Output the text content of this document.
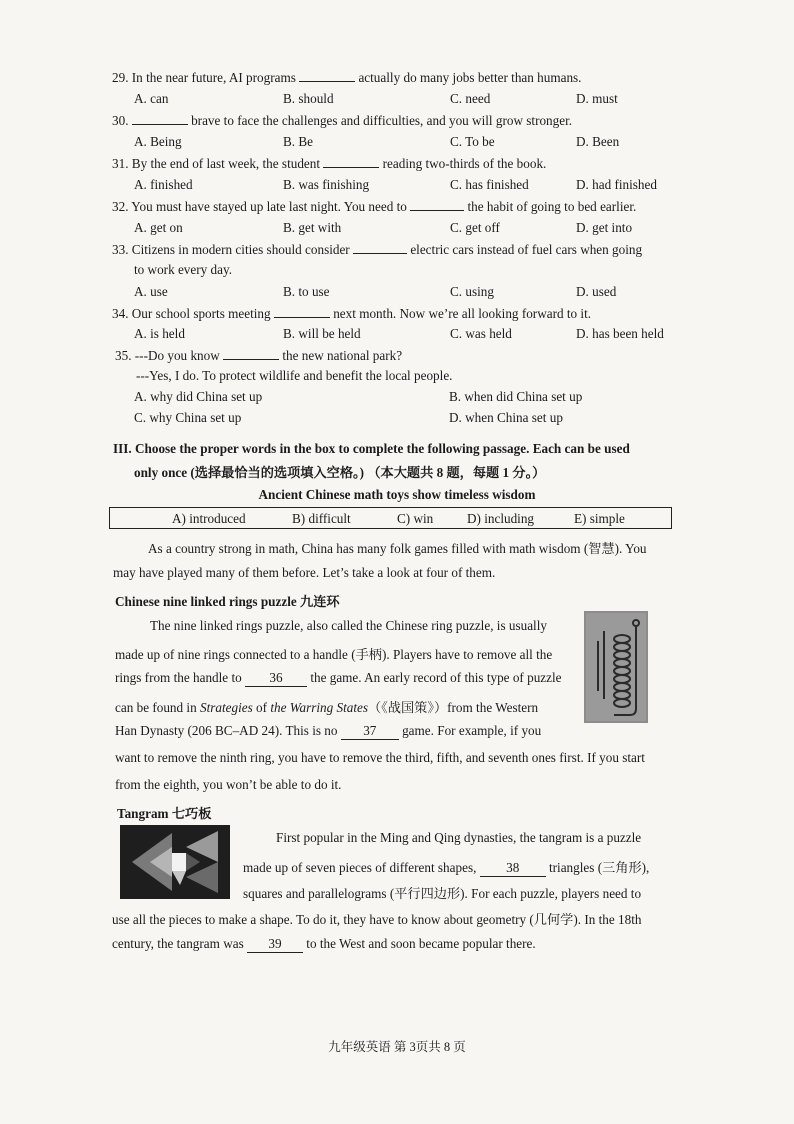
29. In the near future, AI programs	actually do many jobs better than humans.
A. can	B. should	C. need	D. must
30.	brave to face the challenges and difficulties, and you will grow stronger.
A. Being	B. Be	C. To be	D. Been
31. By the end of last week, the student	reading two-thirds of the book.
A. finished	B. was finishing	C. has finished	D. had finished
32. You must have stayed up late last night. You need to	the habit of going to bed earlier.
A. get on	B. get with	C. get off	D. get into
33. Citizens in modern cities should consider	electric cars instead of fuel cars when going
to work every day.
A. use	B. to use	C. using	D. used
34. Our school sports meeting	next month. Now we’re all looking forward to it.
A. is held	B. will be held	C. was held	D. has been held
35. ---Do you know	the new national park?
---Yes, I do. To protect wildlife and benefit the local people.
A. why did China set up	B. when did China set up
C. why China set up	D. when China set up
III. Choose the proper words in the box to complete the following passage. Each can be used
only once (选择最恰当的选项填入空格。) （本大题共 8 题，每题 1 分。）
Ancient Chinese math toys show timeless wisdom
A) introduced	B) difficult	C) win	D) including	E) simple
As a country strong in math, China has many folk games filled with math wisdom (智慧). You
may have played many of them before. Let’s take a look at four of them.
Chinese nine linked rings puzzle 九连环
The nine linked rings puzzle, also called the Chinese ring puzzle, is usually
made up of nine rings connected to a handle (手柄). Players have to remove all the
rings from the handle to 36 the game. An early record of this type of puzzle
can be found in Strategies of the Warring States（《战国策》）from the Western
Han Dynasty (206 BC–AD 24). This is no 37 game. For example, if you
want to remove the ninth ring, you have to remove the third, fifth, and seventh ones first. If you start
from the eighth, you won’t be able to do it.
Tangram 七巧板
First popular in the Ming and Qing dynasties, the tangram is a puzzle
made up of seven pieces of different shapes, 38 triangles (三角形),
squares and parallelograms (平行四边形). For each puzzle, players need to
use all the pieces to make a shape. To do it, they have to know about geometry (几何学). In the 18th
century, the tangram was 39 to the West and soon became popular there.
九年级英语 第 3页共 8 页
